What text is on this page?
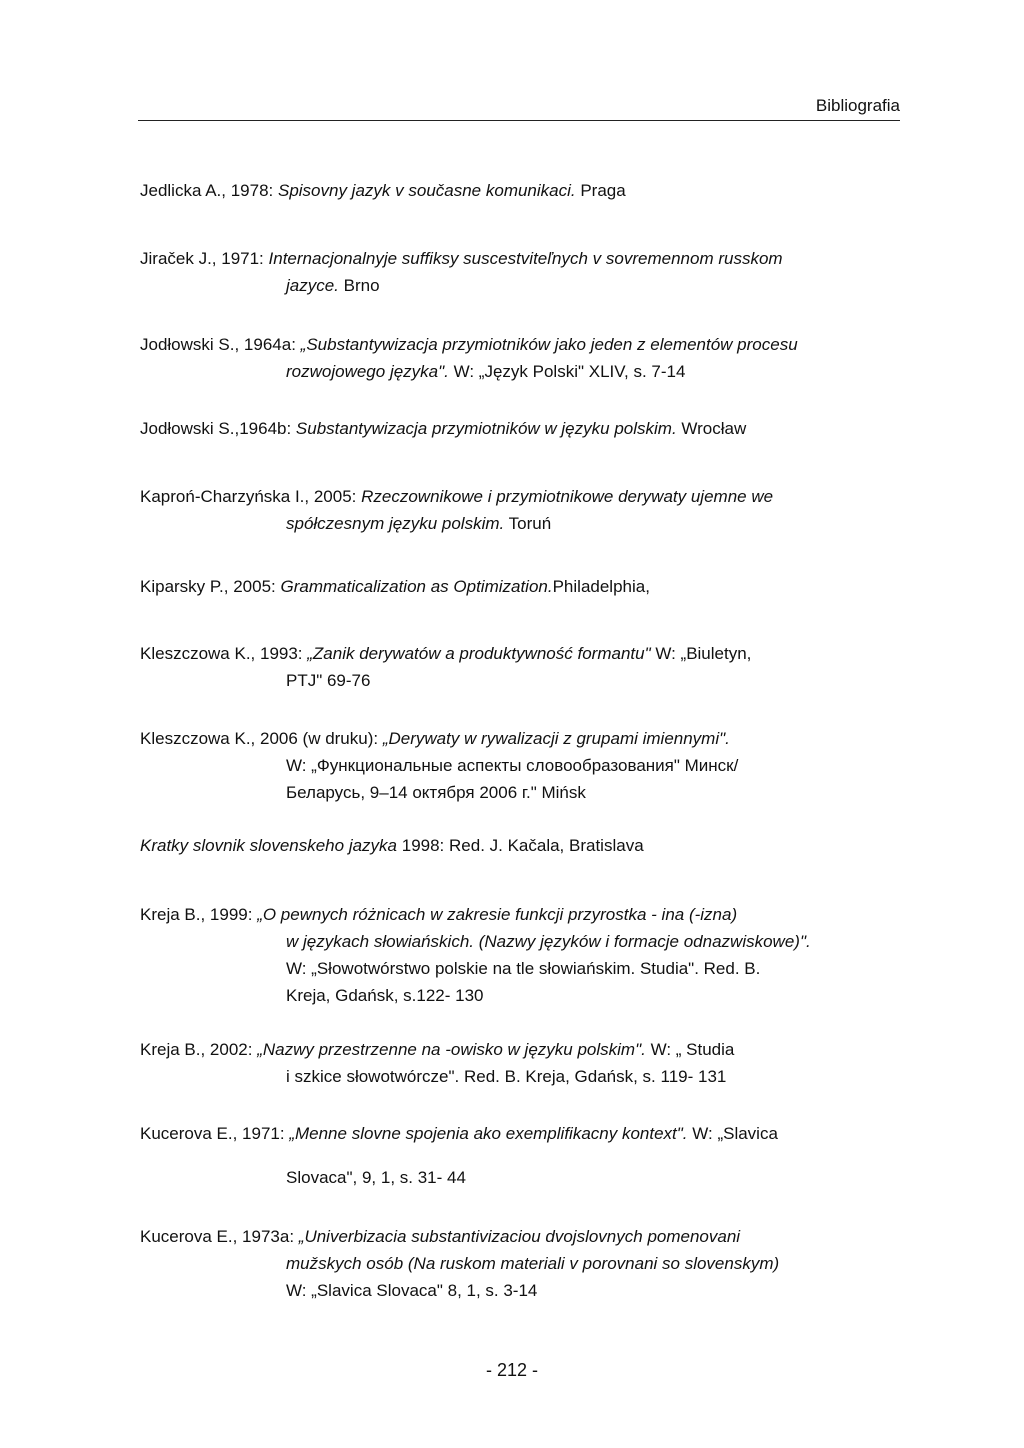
Bibliografia
Jedlicka A., 1978: Spisovny jazyk v současne komunikaci. Praga
Jiraček J., 1971: Internacjonalnyje suffiksy suscestviteľnych v sovremennom russkom
jazyce. Brno
Jodłowski S., 1964a: „Substantywizacja przymiotników jako jeden z elementów procesu
rozwojowego języka". W: „Język Polski" XLIV, s. 7-14
Jodłowski S.,1964b: Substantywizacja przymiotników w języku polskim. Wrocław
Kaproń-Charzyńska I., 2005: Rzeczownikowe i przymiotnikowe derywaty ujemne we
spółczesnym języku polskim. Toruń
Kiparsky P., 2005: Grammaticalization as Optimization.Philadelphia,
Kleszczowa K., 1993: „Zanik derywatów a produktywność formantu" W: „Biuletyn,
PTJ" 69-76
Kleszczowa K., 2006 (w druku): „Derywaty w rywalizacji z grupami imiennymi".
W: „Функциональные аспекты словообразования" Минск/
Беларусь, 9–14 октября 2006 г." Mińsk
Kratky slovnik slovenskeho jazyka 1998: Red. J. Kačala, Bratislava
Kreja B., 1999: „O pewnych różnicach w zakresie funkcji przyrostka - ina (-izna)
w językach słowiańskich. (Nazwy języków i formacje odnazwiskowe)".
W: „Słowotwórstwo polskie na tle słowiańskim. Studia". Red. B.
Kreja, Gdańsk, s.122- 130
Kreja B., 2002: „Nazwy przestrzenne na -owisko w języku polskim". W: „ Studia
i szkice słowotwórcze". Red. B. Kreja, Gdańsk, s. 119- 131
Kucerova E., 1971: „Menne slovne spojenia ako exemplifikacny kontext". W: „Slavica
Slovaca", 9, 1, s. 31- 44
Kucerova E., 1973a: „Univerbizacia substantivizaciou dvojslovnych pomenovani
mužskych osób (Na ruskom materiali v porovnani so slovenskym)
W: „Slavica Slovaca" 8, 1, s. 3-14
- 212 -
